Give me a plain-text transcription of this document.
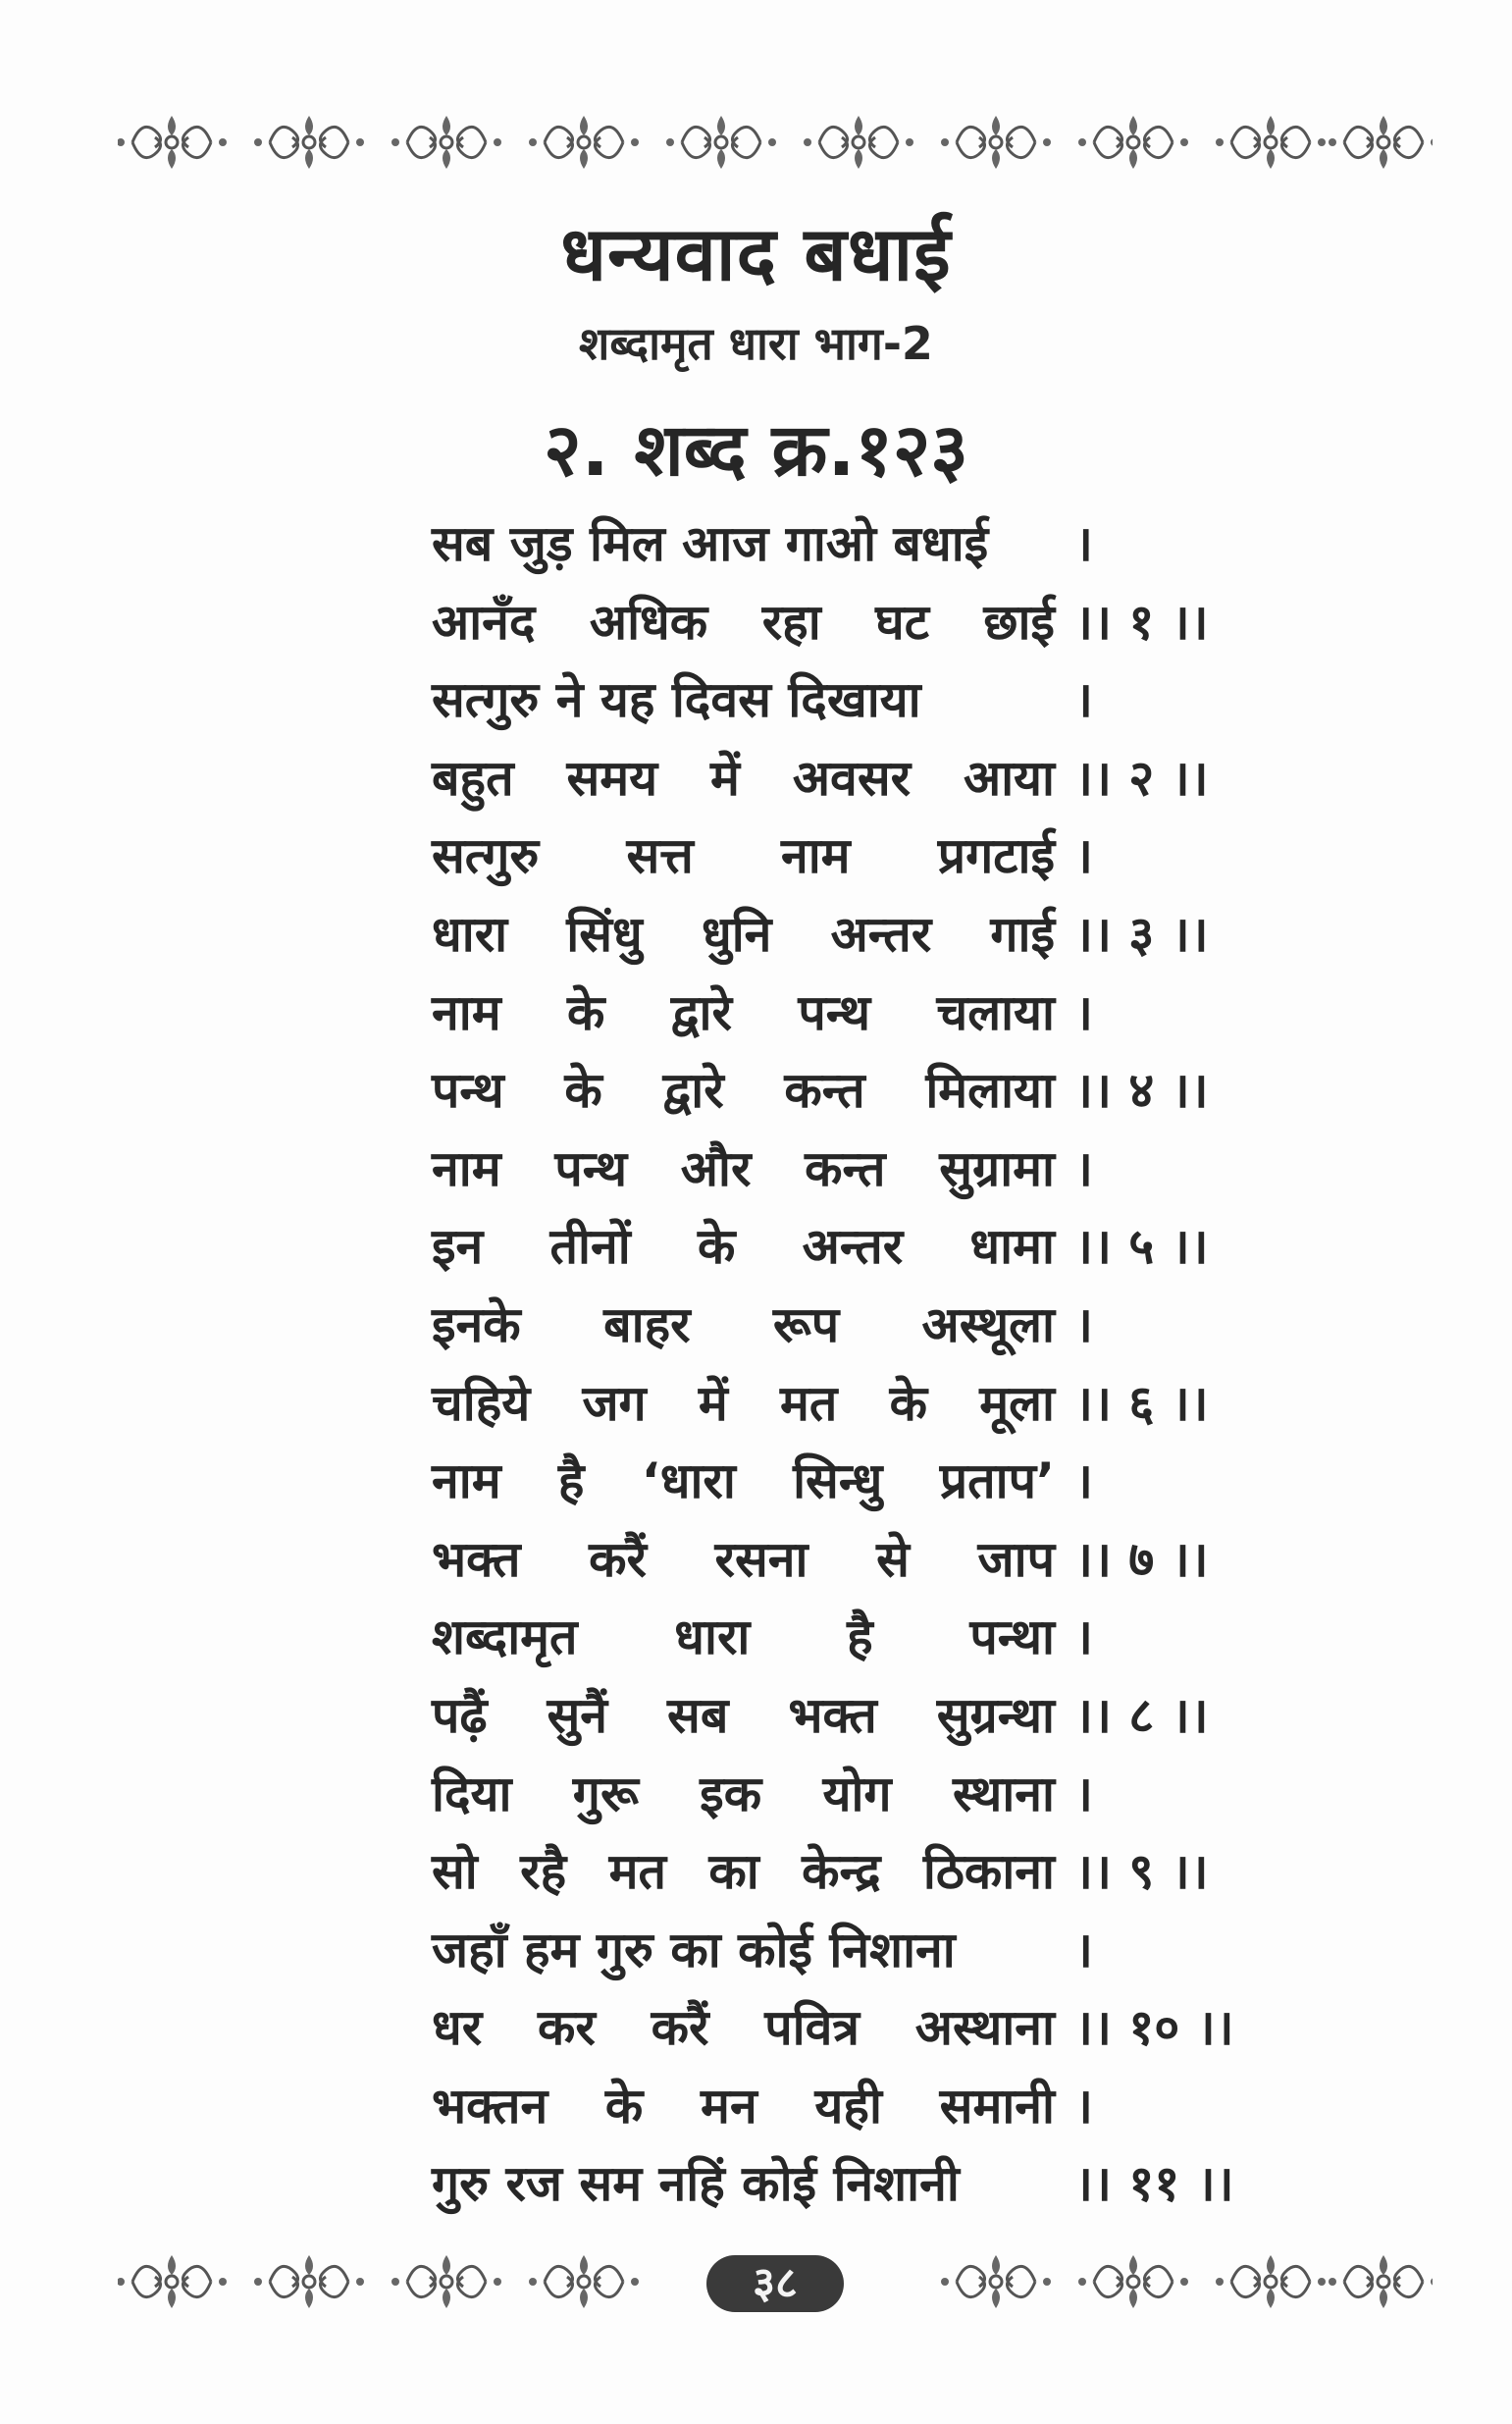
धन्यवाद बधाई
शब्दामृत धारा भाग-2
२. शब्द क्र.१२३
सब जुड़ मिल आज गाओ बधाई ।
आनँद अधिक रहा घट छाई ।। १ ।।
सत्गुरु ने यह दिवस दिखाया	।
बहुत समय में अवसर आया ।। २ ।।
सत्गुरु सत्त नाम प्रगटाई ।
धारा सिंधु धुनि अन्तर गाई ।। ३ ।।
नाम के द्वारे पन्थ चलाया ।
पन्थ के द्वारे कन्त मिलाया ।। ४ ।।
नाम पन्थ और कन्त सुग्रामा ।
इन तीनों के अन्तर धामा ।। ५ ।।
इनके बाहर रूप अस्थूला ।
चहिये जग में मत के मूला ।। ६ ।।
नाम है ‘धारा सिन्धु प्रताप’ ।
भक्त करैं रसना से जाप ।। ७ ।।
शब्दामृत धारा है पन्था ।
पढ़ैं सुनैं सब भक्त सुग्रन्था ।। ८ ।।
दिया गुरू इक योग स्थाना ।
सो रहै मत का केन्द्र ठिकाना ।। ९ ।।
जहाँ हम गुरु का कोई निशाना ।
धर कर करैं पवित्र अस्थाना ।। १० ।।
भक्तन के मन यही समानी ।
गुरु रज सम नहिं कोई निशानी ।। ११ ।।
३८
